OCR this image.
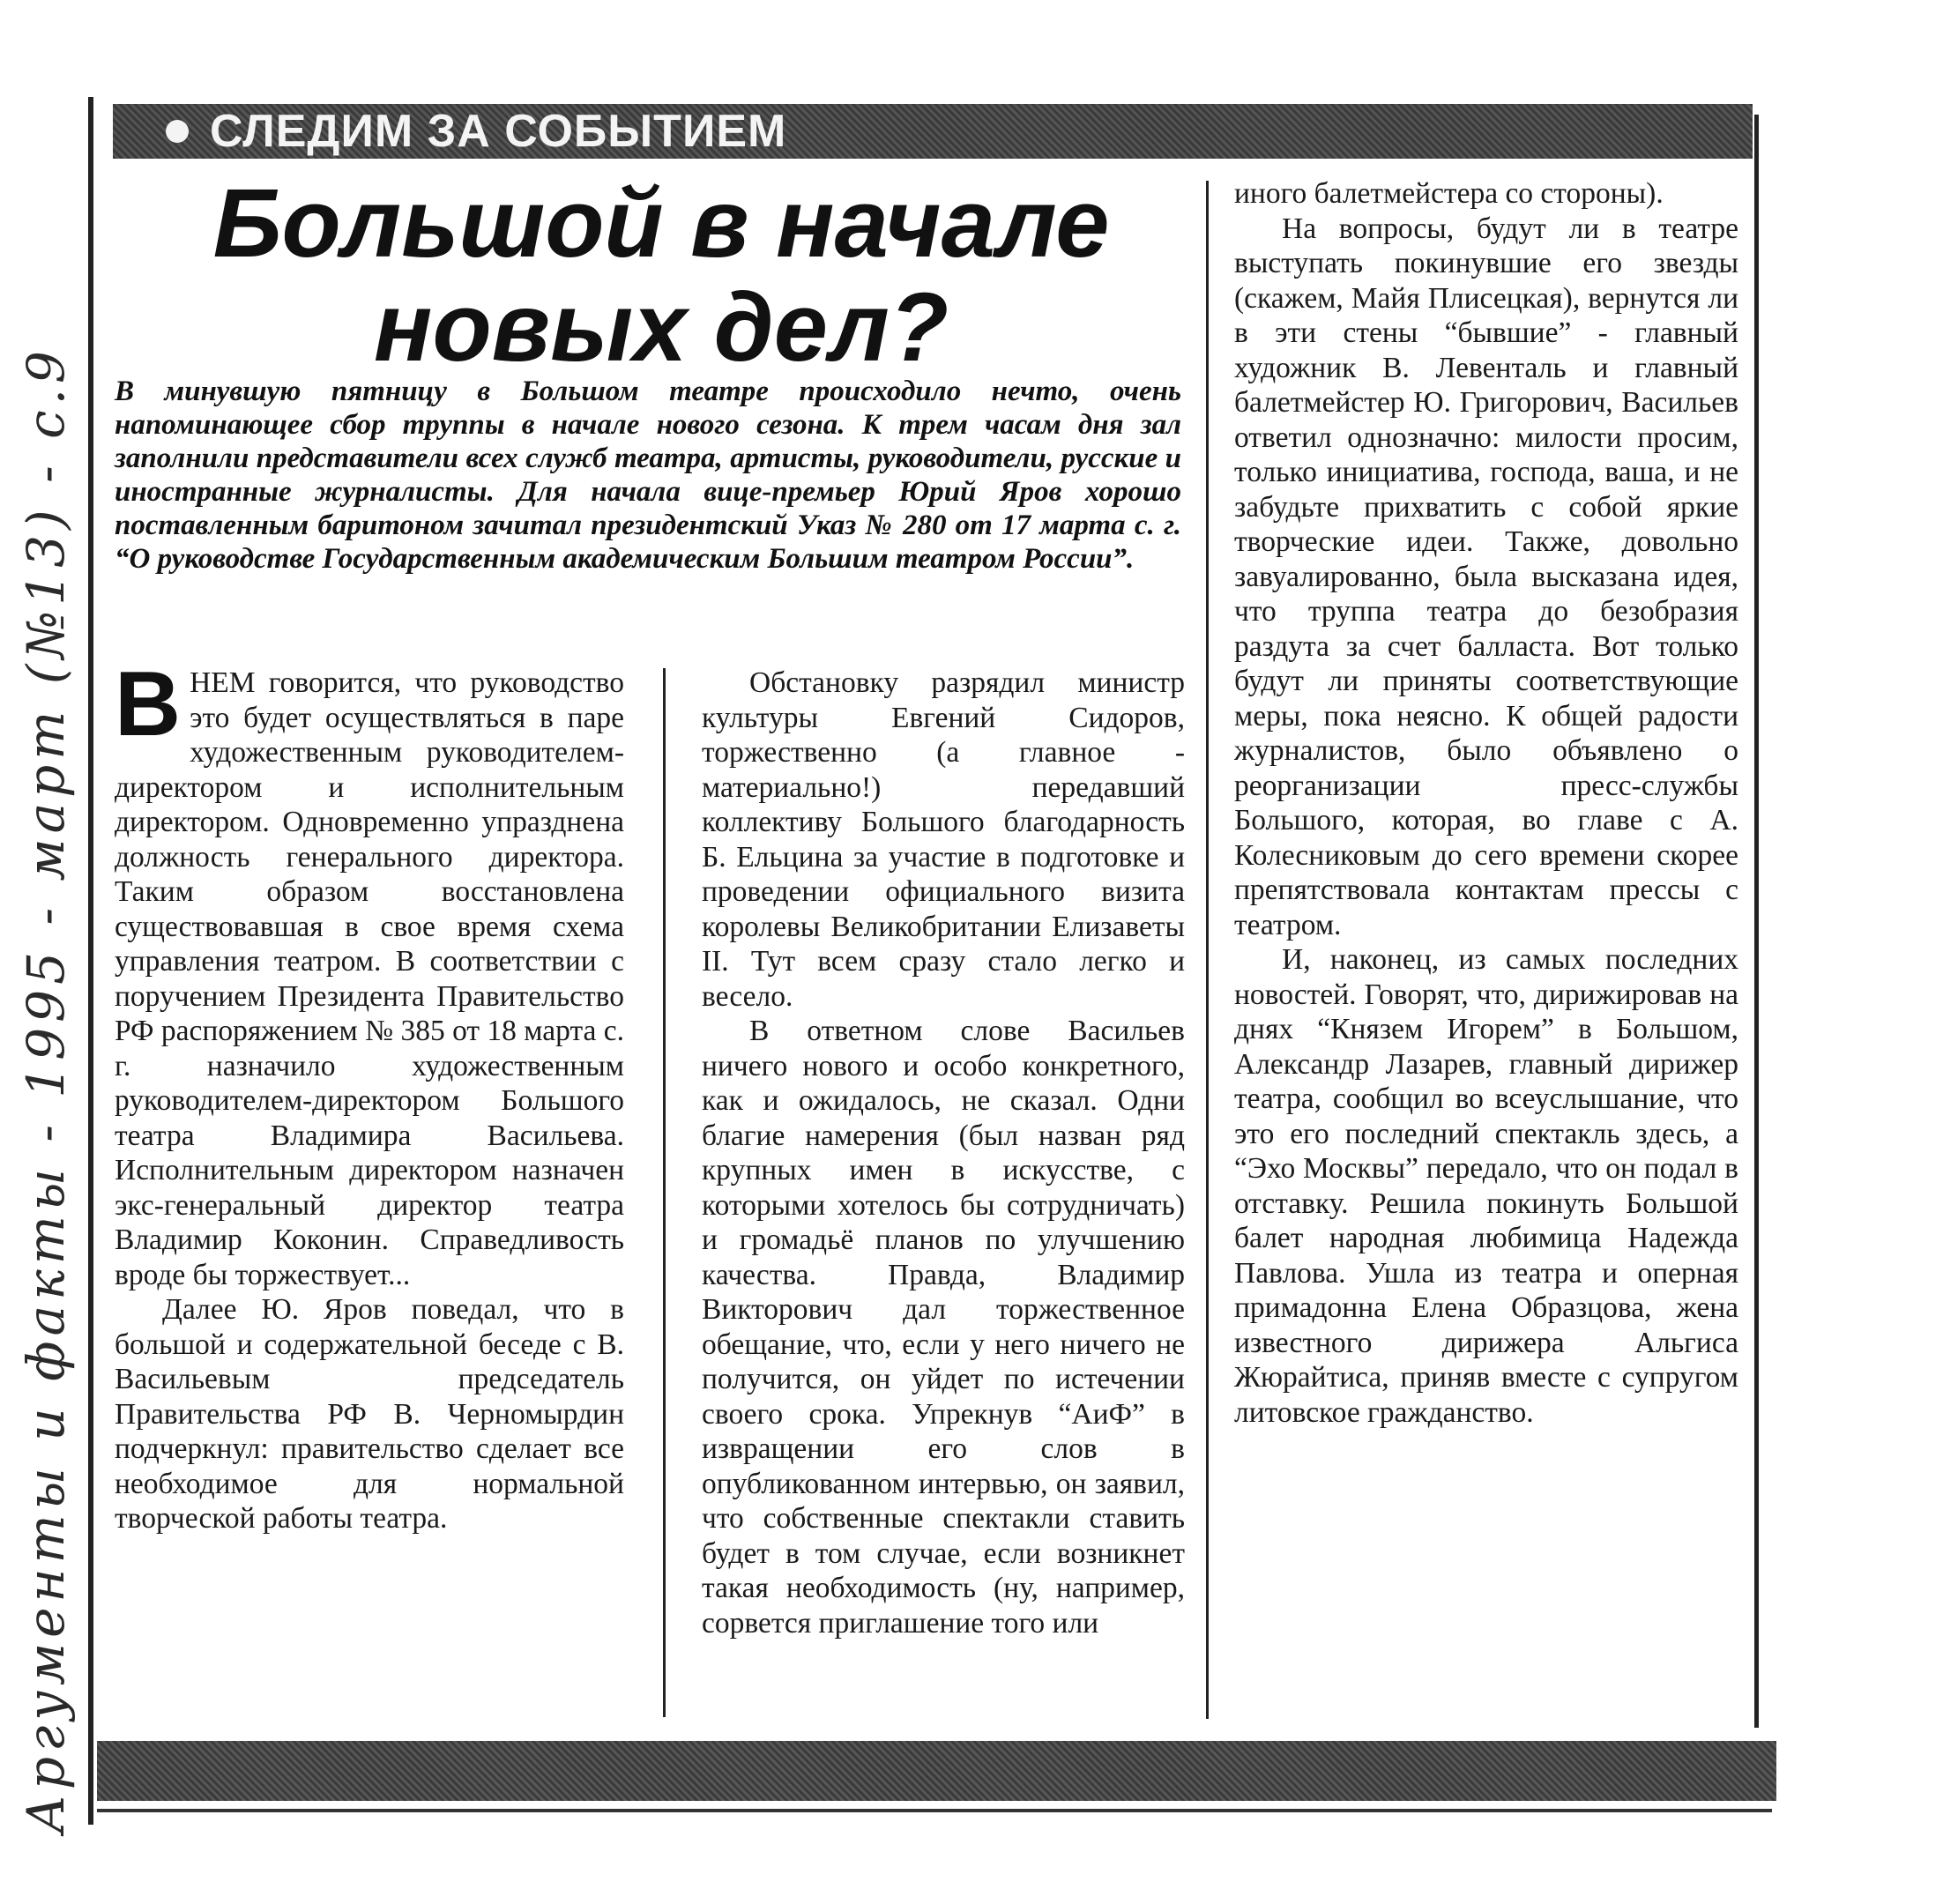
Аргументы и факты - 1995 - март (№13) - с.9
СЛЕДИМ ЗА СОБЫТИЕМ
Большой в начале
новых дел?
В минувшую пятницу в Большом театре происходило нечто, очень напоминающее сбор труппы в начале нового сезона. К трем часам дня зал заполнили представители всех служб театра, артисты, руководители, русские и иностранные журналисты. Для начала вице-премьер Юрий Яров хорошо поставленным баритоном зачитал президентский Указ № 280 от 17 марта с. г. “О руководстве Государственным академическим Большим театром России”.

ВНЕМ говорится, что руководство это будет осуществляться в паре художественным руководителем-директором и исполнительным директором. Одновременно упразднена должность генерального директора. Таким образом восстановлена существовавшая в свое время схема управления театром. В соответствии с поручением Президента Правительство РФ распоряжением № 385 от 18 марта с. г. назначило художественным руководителем-директором Большого театра Владимира Васильева. Исполнительным директором назначен экс-генеральный директор театра Владимир Коконин. Справедливость вроде бы торжествует...

Далее Ю. Яров поведал, что в большой и содержательной беседе с В. Васильевым председатель Правительства РФ В. Черномырдин подчеркнул: правительство сделает все необходимое для нормальной творческой работы театра.

Обстановку разрядил министр культуры Евгений Сидоров, торжественно (а главное - материально!) передавший коллективу Большого благодарность Б. Ельцина за участие в подготовке и проведении официального визита королевы Великобритании Елизаветы II. Тут всем сразу стало легко и весело.

В ответном слове Васильев ничего нового и особо конкретного, как и ожидалось, не сказал. Одни благие намерения (был назван ряд крупных имен в искусстве, с которыми хотелось бы сотрудничать) и громадьё планов по улучшению качества. Правда, Владимир Викторович дал торжественное обещание, что, если у него ничего не получится, он уйдет по истечении своего срока. Упрекнув “АиФ” в извращении его слов в опубликованном интервью, он заявил, что собственные спектакли ставить будет в том случае, если возникнет такая необходимость (ну, например, сорвется приглашение того или

иного балетмейстера со стороны).

На вопросы, будут ли в театре выступать покинувшие его звезды (скажем, Майя Плисецкая), вернутся ли в эти стены “бывшие” - главный художник В. Левенталь и главный балетмейстер Ю. Григорович, Васильев ответил однозначно: милости просим, только инициатива, господа, ваша, и не забудьте прихватить с собой яркие творческие идеи. Также, довольно завуалированно, была высказана идея, что труппа театра до безобразия раздута за счет балласта. Вот только будут ли приняты соответствующие меры, пока неясно. К общей радости журналистов, было объявлено о реорганизации пресс-службы Большого, которая, во главе с А. Колесниковым до сего времени скорее препятствовала контактам прессы с театром.

И, наконец, из самых последних новостей. Говорят, что, дирижировав на днях “Князем Игорем” в Большом, Александр Лазарев, главный дирижер театра, сообщил во всеуслышание, что это его последний спектакль здесь, а “Эхо Москвы” передало, что он подал в отставку. Решила покинуть Большой балет народная любимица Надежда Павлова. Ушла из театра и оперная примадонна Елена Образцова, жена известного дирижера Альгиса Жюрайтиса, приняв вместе с супругом литовское гражданство.
